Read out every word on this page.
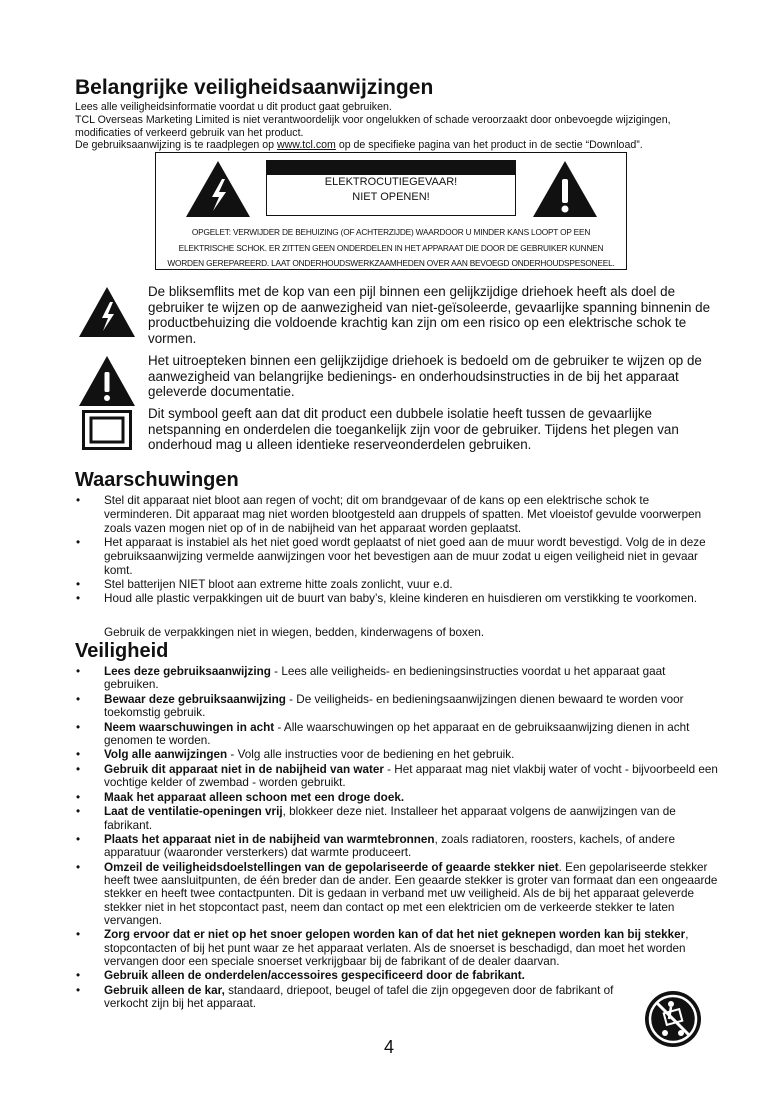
Belangrijke veiligheidsaanwijzingen

Lees alle veiligheidsinformatie voordat u dit product gaat gebruiken.

TCL Overseas Marketing Limited is niet verantwoordelijk voor ongelukken of schade veroorzaakt door onbevoegde wijzigingen, modificaties of verkeerd gebruik van het product.

De gebruiksaanwijzing is te raadplegen op www.tcl.com op de specifieke pagina van het product in de sectie “Download”.

ELEKTROCUTIEGEVAAR!
NIET OPENEN!
OPGELET: VERWIJDER DE BEHUIZING (OF ACHTERZIJDE) WAARDOOR U MINDER KANS LOOPT OP EEN
ELEKTRISCHE SCHOK. ER ZITTEN GEEN ONDERDELEN IN HET APPARAAT DIE DOOR DE GEBRUIKER KUNNEN
WORDEN GEREPAREERD. LAAT ONDERHOUDSWERKZAAMHEDEN OVER AAN BEVOEGD ONDERHOUDSPESONEEL.
De bliksemflits met de kop van een pijl binnen een gelijkzijdige driehoek heeft als doel de gebruiker te wijzen op de aanwezigheid van niet-geïsoleerde, gevaarlijke spanning binnenin de productbehuizing die voldoende krachtig kan zijn om een risico op een elektrische schok te vormen.
Het uitroepteken binnen een gelijkzijdige driehoek is bedoeld om de gebruiker te wijzen op de aanwezigheid van belangrijke bedienings- en onderhoudsinstructies in de bij het apparaat geleverde documentatie.
Dit symbool geeft aan dat dit product een dubbele isolatie heeft tussen de gevaarlijke netspanning en onderdelen die toegankelijk zijn voor de gebruiker. Tijdens het plegen van onderhoud mag u alleen identieke reserveonderdelen gebruiken.
Waarschuwingen
• Stel dit apparaat niet bloot aan regen of vocht; dit om brandgevaar of de kans op een elektrische schok te verminderen. Dit apparaat mag niet worden blootgesteld aan druppels of spatten. Met vloeistof gevulde voorwerpen zoals vazen mogen niet op of in de nabijheid van het apparaat worden geplaatst.
• Het apparaat is instabiel als het niet goed wordt geplaatst of niet goed aan de muur wordt bevestigd. Volg de in deze gebruiksaanwijzing vermelde aanwijzingen voor het bevestigen aan de muur zodat u eigen veiligheid niet in gevaar komt.
• Stel batterijen NIET bloot aan extreme hitte zoals zonlicht, vuur e.d.
• Houd alle plastic verpakkingen uit de buurt van baby’s, kleine kinderen en huisdieren om verstikking te voorkomen.
Gebruik de verpakkingen niet in wiegen, bedden, kinderwagens of boxen.
Veiligheid
• Lees deze gebruiksaanwijzing - Lees alle veiligheids- en bedieningsinstructies voordat u het apparaat gaat gebruiken.
• Bewaar deze gebruiksaanwijzing - De veiligheids- en bedieningsaanwijzingen dienen bewaard te worden voor toekomstig gebruik.
• Neem waarschuwingen in acht - Alle waarschuwingen op het apparaat en de gebruiksaanwijzing dienen in acht genomen te worden.
• Volg alle aanwijzingen - Volg alle instructies voor de bediening en het gebruik.
• Gebruik dit apparaat niet in de nabijheid van water - Het apparaat mag niet vlakbij water of vocht - bijvoorbeeld een vochtige kelder of zwembad - worden gebruikt.
• Maak het apparaat alleen schoon met een droge doek.
• Laat de ventilatie-openingen vrij, blokkeer deze niet. Installeer het apparaat volgens de aanwijzingen van de fabrikant.
• Plaats het apparaat niet in de nabijheid van warmtebronnen, zoals radiatoren, roosters, kachels, of andere apparatuur (waaronder versterkers) dat warmte produceert.
• Omzeil de veiligheidsdoelstellingen van de gepolariseerde of geaarde stekker niet. Een gepolariseerde stekker heeft twee aansluitpunten, de één breder dan de ander. Een geaarde stekker is groter van formaat dan een ongeaarde stekker en heeft twee contactpunten. Dit is gedaan in verband met uw veiligheid. Als de bij het apparaat geleverde stekker niet in het stopcontact past, neem dan contact op met een elektricien om de verkeerde stekker te laten vervangen.
• Zorg ervoor dat er niet op het snoer gelopen worden kan of dat het niet geknepen worden kan bij stekker, stopcontacten of bij het punt waar ze het apparaat verlaten. Als de snoerset is beschadigd, dan moet het worden vervangen door een speciale snoerset verkrijgbaar bij de fabrikant of de dealer daarvan.
• Gebruik alleen de onderdelen/accessoires gespecificeerd door de fabrikant.
• Gebruik alleen de kar, standaard, driepoot, beugel of tafel die zijn opgegeven door de fabrikant of verkocht zijn bij het apparaat.
4
